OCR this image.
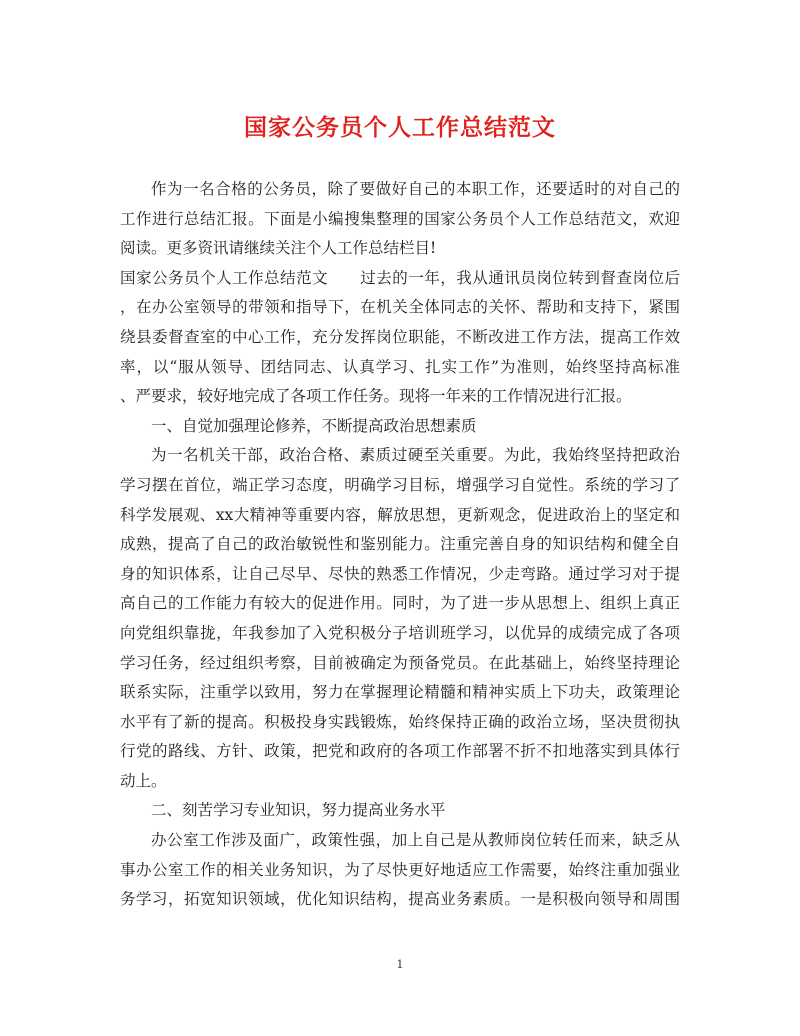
国家公务员个人工作总结范文
作为一名合格的公务员，除了要做好自己的本职工作，还要适时的对自己的
工作进行总结汇报。下面是小编搜集整理的国家公务员个人工作总结范文，欢迎
阅读。更多资讯请继续关注个人工作总结栏目!
国家公务员个人工作总结范文　　过去的一年，我从通讯员岗位转到督查岗位后
，在办公室领导的带领和指导下，在机关全体同志的关怀、帮助和支持下，紧围
绕县委督查室的中心工作，充分发挥岗位职能，不断改进工作方法，提高工作效
率，以“服从领导、团结同志、认真学习、扎实工作”为准则，始终坚持高标准
、严要求，较好地完成了各项工作任务。现将一年来的工作情况进行汇报。
一、自觉加强理论修养，不断提高政治思想素质
为一名机关干部，政治合格、素质过硬至关重要。为此，我始终坚持把政治
学习摆在首位，端正学习态度，明确学习目标，增强学习自觉性。系统的学习了
科学发展观、xx大精神等重要内容，解放思想，更新观念，促进政治上的坚定和
成熟，提高了自己的政治敏锐性和鉴别能力。注重完善自身的知识结构和健全自
身的知识体系，让自己尽早、尽快的熟悉工作情况，少走弯路。通过学习对于提
高自己的工作能力有较大的促进作用。同时，为了进一步从思想上、组织上真正
向党组织靠拢，年我参加了入党积极分子培训班学习，以优异的成绩完成了各项
学习任务，经过组织考察，目前被确定为预备党员。在此基础上，始终坚持理论
联系实际，注重学以致用，努力在掌握理论精髓和精神实质上下功夫，政策理论
水平有了新的提高。积极投身实践锻炼，始终保持正确的政治立场，坚决贯彻执
行党的路线、方针、政策，把党和政府的各项工作部署不折不扣地落实到具体行
动上。
二、刻苦学习专业知识，努力提高业务水平
办公室工作涉及面广，政策性强，加上自己是从教师岗位转任而来，缺乏从
事办公室工作的相关业务知识，为了尽快更好地适应工作需要，始终注重加强业
务学习，拓宽知识领域，优化知识结构，提高业务素质。一是积极向领导和周围
1
